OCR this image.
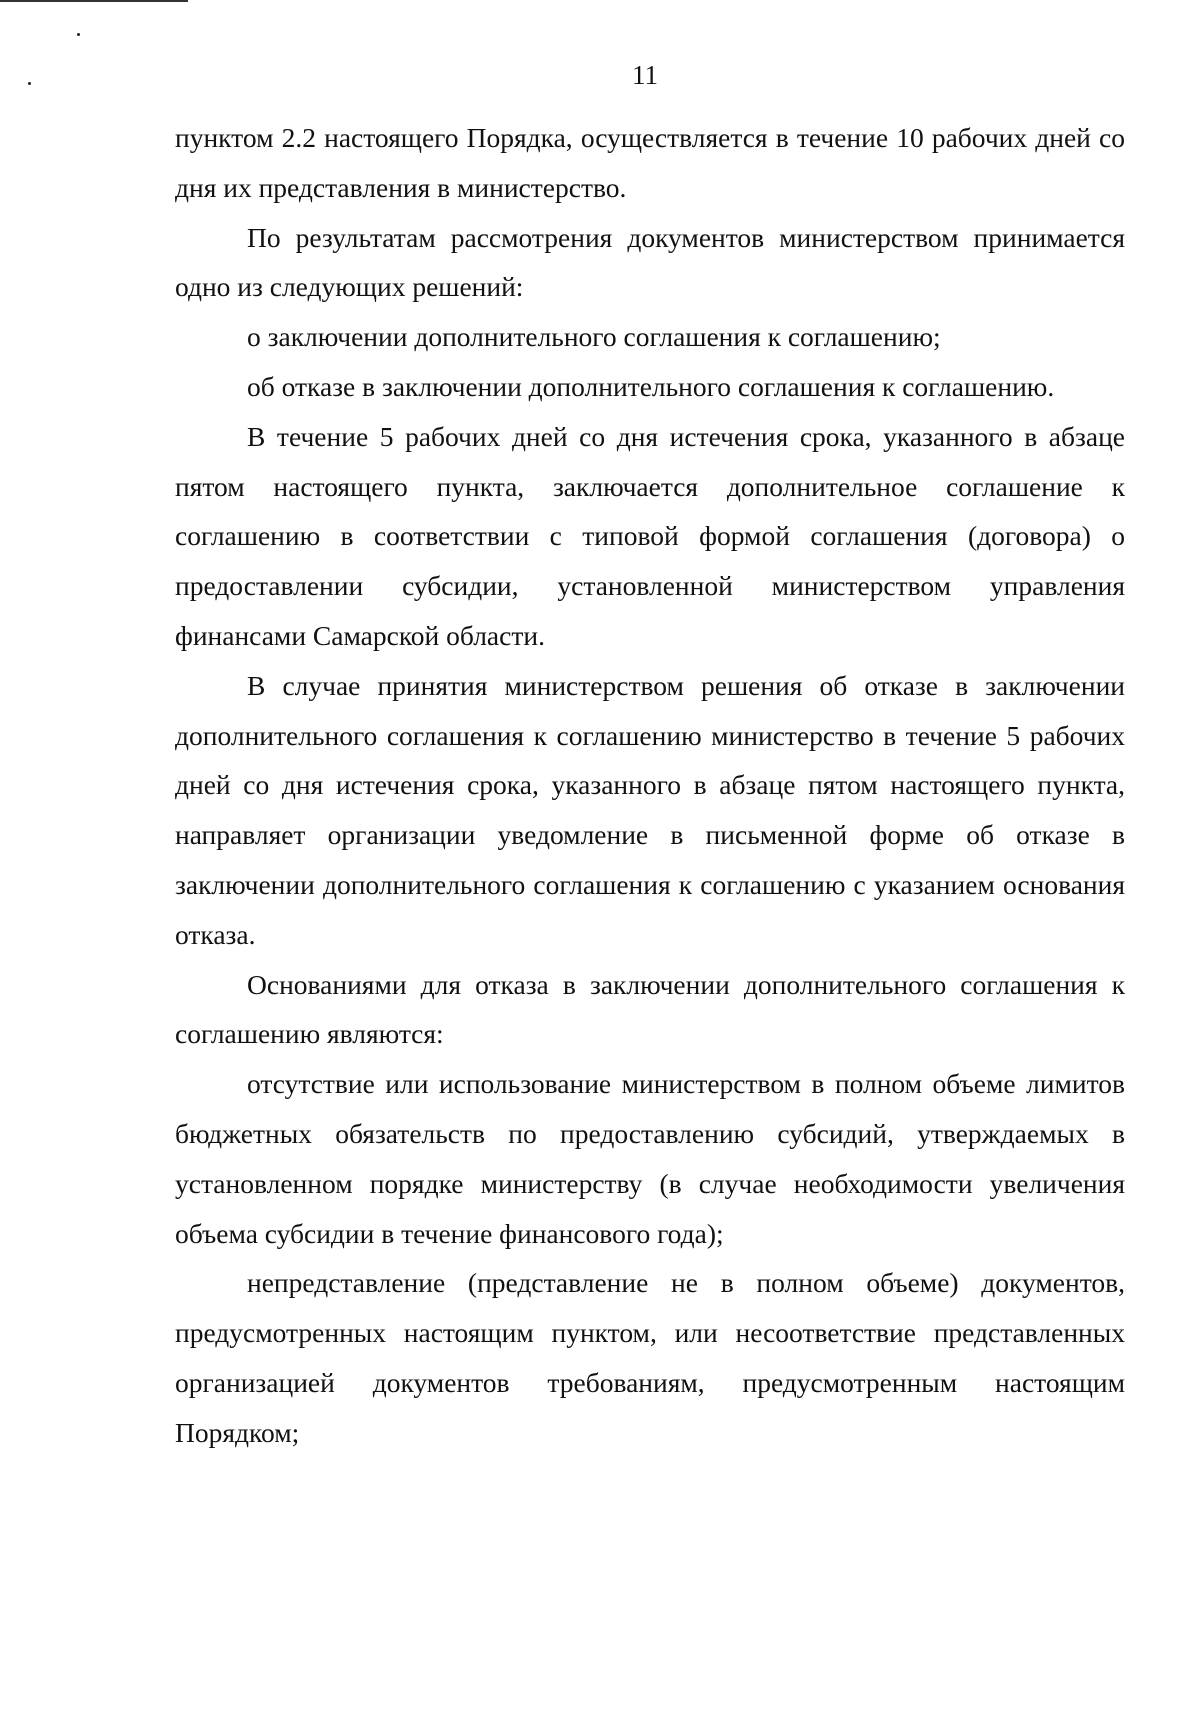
11

пунктом 2.2 настоящего Порядка, осуществляется в течение 10 рабочих дней со дня их представления в министерство.

По результатам рассмотрения документов министерством принимается одно из следующих решений:

о заключении дополнительного соглашения к соглашению;

об отказе в заключении дополнительного соглашения к соглашению.

В течение 5 рабочих дней со дня истечения срока, указанного в абзаце пятом настоящего пункта, заключается дополнительное соглашение к соглашению в соответствии с типовой формой соглашения (договора) о предоставлении субсидии, установленной министерством управления финансами Самарской области.

В случае принятия министерством решения об отказе в заключении дополнительного соглашения к соглашению министерство в течение 5 рабочих дней со дня истечения срока, указанного в абзаце пятом настоящего пункта, направляет организации уведомление в письменной форме об отказе в заключении дополнительного соглашения к соглашению с указанием основания отказа.

Основаниями для отказа в заключении дополнительного соглашения к соглашению являются:

отсутствие или использование министерством в полном объеме лимитов бюджетных обязательств по предоставлению субсидий, утверждаемых в установленном порядке министерству (в случае необходимости увеличения объема субсидии в течение финансового года);

непредставление (представление не в полном объеме) документов, предусмотренных настоящим пунктом, или несоответствие представленных организацией документов требованиям, предусмотренным настоящим Порядком;
